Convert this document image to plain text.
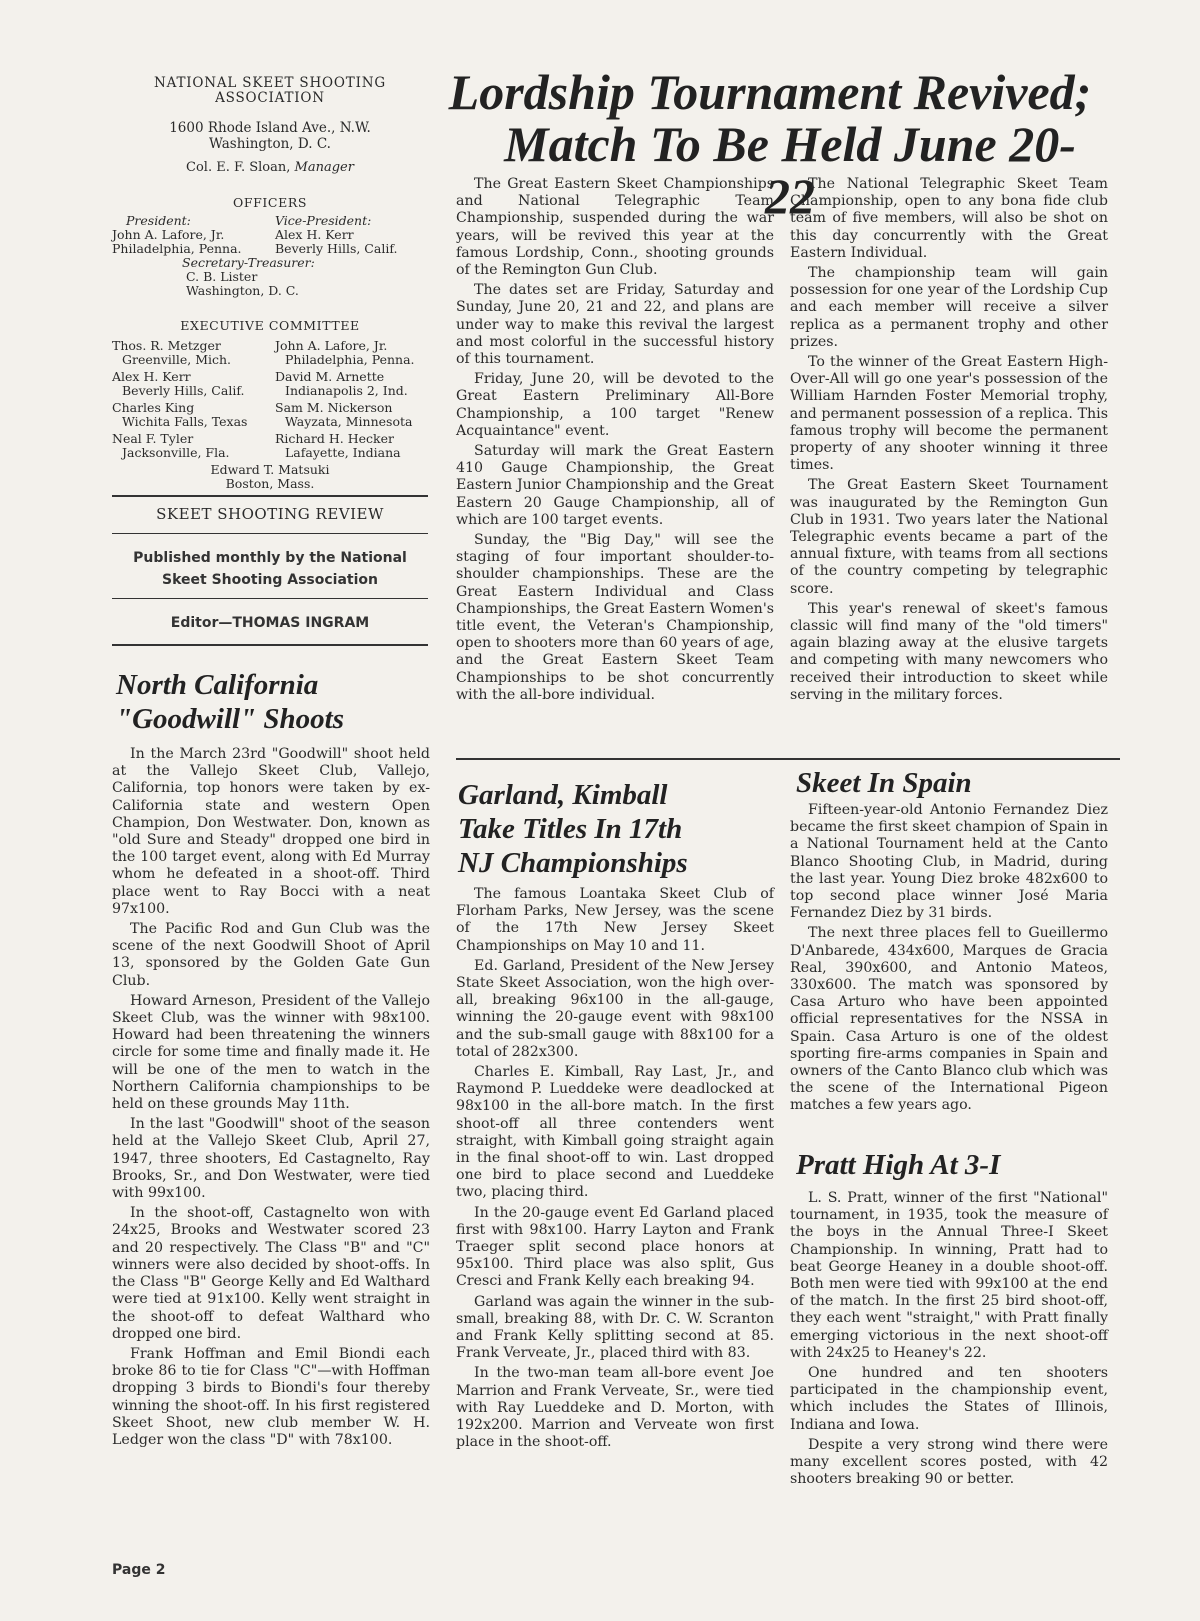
NATIONAL SKEET SHOOTING
ASSOCIATION
1600 Rhode Island Ave., N.W.
Washington, D. C.
Col. E. F. Sloan, Manager
OFFICERS
President:
John A. Lafore, Jr.
Philadelphia, Penna.
Vice-President:
Alex H. Kerr
Beverly Hills, Calif.
Secretary-Treasurer:
C. B. Lister
Washington, D. C.
EXECUTIVE COMMITTEE
Thos. R. Metzger
Greenville, Mich.
John A. Lafore, Jr.
Philadelphia, Penna.
Alex H. Kerr
Beverly Hills, Calif.
David M. Arnette
Indianapolis 2, Ind.
Charles King
Wichita Falls, Texas
Sam M. Nickerson
Wayzata, Minnesota
Neal F. Tyler
Jacksonville, Fla.
Richard H. Hecker
Lafayette, Indiana
Edward T. Matsuki
Boston, Mass.
SKEET SHOOTING REVIEW
Published monthly by the National Skeet Shooting Association
Editor—THOMAS INGRAM
Lordship Tournament Revived;
Match To Be Held June 20-22

The Great Eastern Skeet Championships and National Telegraphic Team Championship, suspended during the war years, will be revived this year at the famous Lordship, Conn., shooting grounds of the Remington Gun Club.

The dates set are Friday, Saturday and Sunday, June 20, 21 and 22, and plans are under way to make this revival the largest and most colorful in the successful history of this tournament.

Friday, June 20, will be devoted to the Great Eastern Preliminary All-Bore Championship, a 100 target "Renew Acquaintance" event.

Saturday will mark the Great Eastern 410 Gauge Championship, the Great Eastern Junior Championship and the Great Eastern 20 Gauge Championship, all of which are 100 target events.

Sunday, the "Big Day," will see the staging of four important shoulder-to-shoulder championships. These are the Great Eastern Individual and Class Championships, the Great Eastern Women's title event, the Veteran's Championship, open to shooters more than 60 years of age, and the Great Eastern Skeet Team Championships to be shot concurrently with the all-bore individual.

The National Telegraphic Skeet Team Championship, open to any bona fide club team of five members, will also be shot on this day concurrently with the Great Eastern Individual.

The championship team will gain possession for one year of the Lordship Cup and each member will receive a silver replica as a permanent trophy and other prizes.

To the winner of the Great Eastern High-Over-All will go one year's possession of the William Harnden Foster Memorial trophy, and permanent possession of a replica. This famous trophy will become the permanent property of any shooter winning it three times.

The Great Eastern Skeet Tournament was inaugurated by the Remington Gun Club in 1931. Two years later the National Telegraphic events became a part of the annual fixture, with teams from all sections of the country competing by telegraphic score.

This year's renewal of skeet's famous classic will find many of the "old timers" again blazing away at the elusive targets and competing with many newcomers who received their introduction to skeet while serving in the military forces.

North California
"Goodwill" Shoots

In the March 23rd "Goodwill" shoot held at the Vallejo Skeet Club, Vallejo, California, top honors were taken by ex-California state and western Open Champion, Don Westwater. Don, known as "old Sure and Steady" dropped one bird in the 100 target event, along with Ed Murray whom he defeated in a shoot-off. Third place went to Ray Bocci with a neat 97x100.

The Pacific Rod and Gun Club was the scene of the next Goodwill Shoot of April 13, sponsored by the Golden Gate Gun Club.

Howard Arneson, President of the Vallejo Skeet Club, was the winner with 98x100. Howard had been threatening the winners circle for some time and finally made it. He will be one of the men to watch in the Northern California championships to be held on these grounds May 11th.

In the last "Goodwill" shoot of the season held at the Vallejo Skeet Club, April 27, 1947, three shooters, Ed Castagnelto, Ray Brooks, Sr., and Don Westwater, were tied with 99x100.

In the shoot-off, Castagnelto won with 24x25, Brooks and Westwater scored 23 and 20 respectively. The Class "B" and "C" winners were also decided by shoot-offs. In the Class "B" George Kelly and Ed Walthard were tied at 91x100. Kelly went straight in the shoot-off to defeat Walthard who dropped one bird.

Frank Hoffman and Emil Biondi each broke 86 to tie for Class "C"—with Hoffman dropping 3 birds to Biondi's four thereby winning the shoot-off. In his first registered Skeet Shoot, new club member W. H. Ledger won the class "D" with 78x100.

Garland, Kimball
Take Titles In 17th
NJ Championships

The famous Loantaka Skeet Club of Florham Parks, New Jersey, was the scene of the 17th New Jersey Skeet Championships on May 10 and 11.

Ed. Garland, President of the New Jersey State Skeet Association, won the high over-all, breaking 96x100 in the all-gauge, winning the 20-gauge event with 98x100 and the sub-small gauge with 88x100 for a total of 282x300.

Charles E. Kimball, Ray Last, Jr., and Raymond P. Lueddeke were deadlocked at 98x100 in the all-bore match. In the first shoot-off all three contenders went straight, with Kimball going straight again in the final shoot-off to win. Last dropped one bird to place second and Lueddeke two, placing third.

In the 20-gauge event Ed Garland placed first with 98x100. Harry Layton and Frank Traeger split second place honors at 95x100. Third place was also split, Gus Cresci and Frank Kelly each breaking 94.

Garland was again the winner in the sub-small, breaking 88, with Dr. C. W. Scranton and Frank Kelly splitting second at 85. Frank Verveate, Jr., placed third with 83.

In the two-man team all-bore event Joe Marrion and Frank Verveate, Sr., were tied with Ray Lueddeke and D. Morton, with 192x200. Marrion and Verveate won first place in the shoot-off.

Skeet In Spain

Fifteen-year-old Antonio Fernandez Diez became the first skeet champion of Spain in a National Tournament held at the Canto Blanco Shooting Club, in Madrid, during the last year. Young Diez broke 482x600 to top second place winner José Maria Fernandez Diez by 31 birds.

The next three places fell to Gueillermo D'Anbarede, 434x600, Marques de Gracia Real, 390x600, and Antonio Mateos, 330x600. The match was sponsored by Casa Arturo who have been appointed official representatives for the NSSA in Spain. Casa Arturo is one of the oldest sporting fire-arms companies in Spain and owners of the Canto Blanco club which was the scene of the International Pigeon matches a few years ago.

Pratt High At 3-I

L. S. Pratt, winner of the first "National" tournament, in 1935, took the measure of the boys in the Annual Three-I Skeet Championship. In winning, Pratt had to beat George Heaney in a double shoot-off. Both men were tied with 99x100 at the end of the match. In the first 25 bird shoot-off, they each went "straight," with Pratt finally emerging victorious in the next shoot-off with 24x25 to Heaney's 22.

One hundred and ten shooters participated in the championship event, which includes the States of Illinois, Indiana and Iowa.

Despite a very strong wind there were many excellent scores posted, with 42 shooters breaking 90 or better.

Page 2
